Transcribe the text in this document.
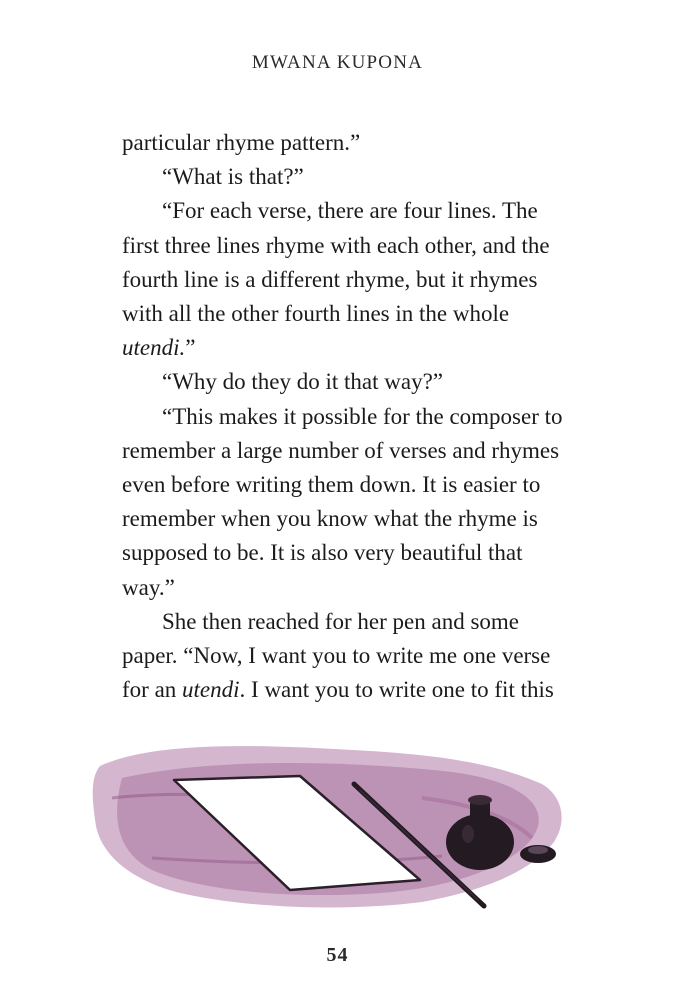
MWANA KUPONA
particular rhyme pattern.”
“What is that?”
“For each verse, there are four lines. The
first three lines rhyme with each other, and the
fourth line is a different rhyme, but it rhymes
with all the other fourth lines in the whole
utendi.”
“Why do they do it that way?”
“This makes it possible for the composer to
remember a large number of verses and rhymes
even before writing them down. It is easier to
remember when you know what the rhyme is
supposed to be. It is also very beautiful that
way.”
She then reached for her pen and some
paper. “Now, I want you to write me one verse
for an utendi. I want you to write one to fit this
54
